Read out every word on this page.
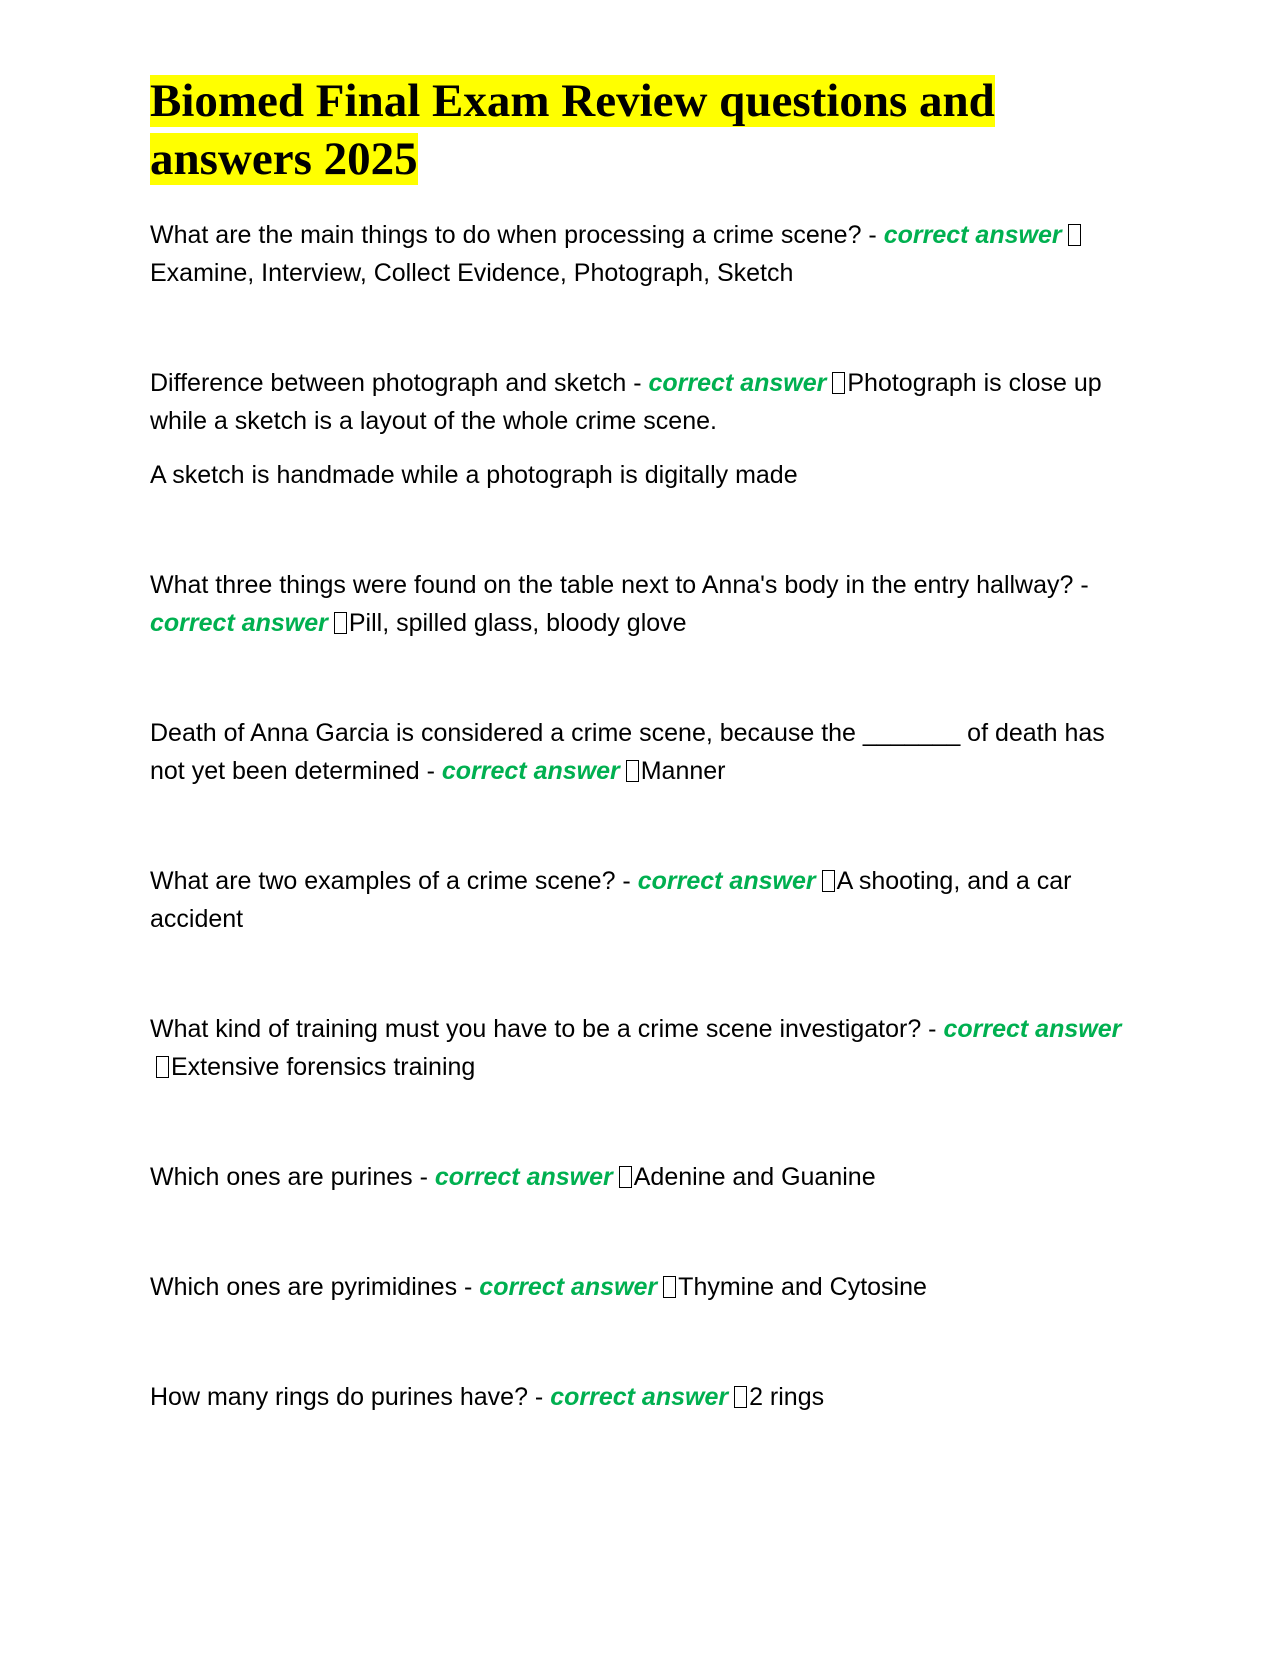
Biomed Final Exam Review questions and answers 2025

What are the main things to do when processing a crime scene? - correct answerExamine, Interview, Collect Evidence, Photograph, Sketch

Difference between photograph and sketch - correct answer Photograph is close up while a sketch is a layout of the whole crime scene.

A sketch is handmade while a photograph is digitally made

What three things were found on the table next to Anna's body in the entry hallway? - correct answer Pill, spilled glass, bloody glove

Death of Anna Garcia is considered a crime scene, because the _______ of death has not yet been determined - correct answer Manner

What are two examples of a crime scene? - correct answer A shooting, and a car accident

What kind of training must you have to be a crime scene investigator? - correct answerExtensive forensics training

Which ones are purines - correct answer Adenine and Guanine

Which ones are pyrimidines - correct answer Thymine and Cytosine

How many rings do purines have? - correct answer 2 rings
